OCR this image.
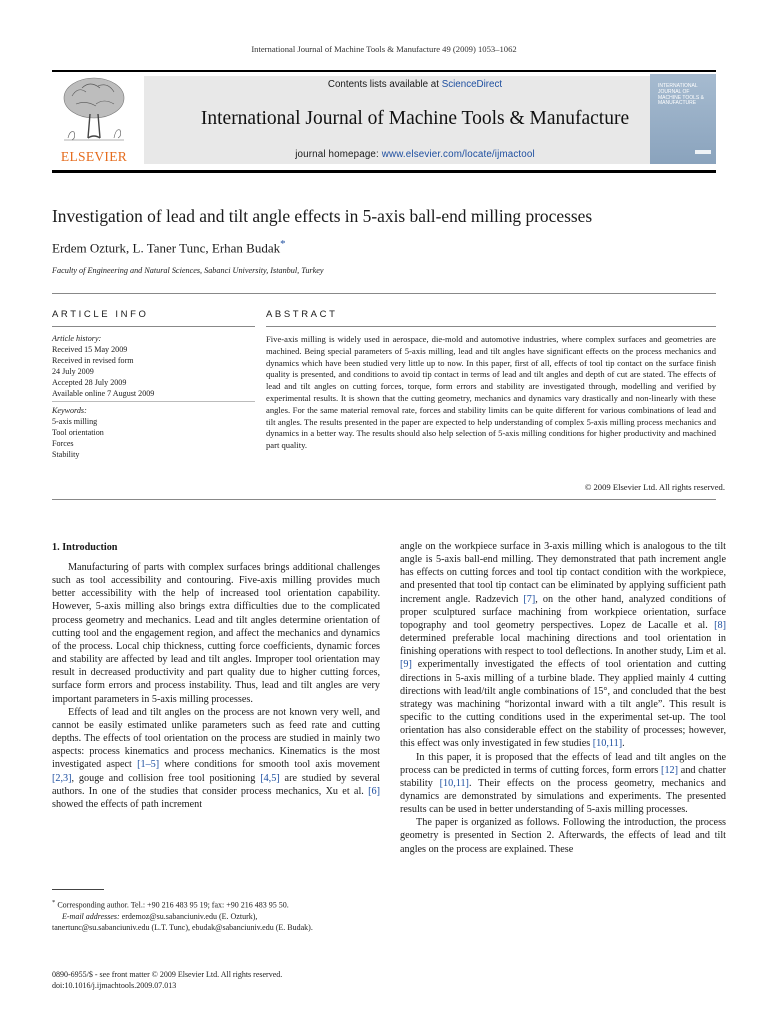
International Journal of Machine Tools & Manufacture 49 (2009) 1053–1062
ELSEVIER
Contents lists available at ScienceDirect
International Journal of Machine Tools & Manufacture
journal homepage: www.elsevier.com/locate/ijmactool
INTERNATIONAL JOURNAL OF MACHINE TOOLS & MANUFACTURE
Investigation of lead and tilt angle effects in 5-axis ball-end milling processes
Erdem Ozturk, L. Taner Tunc, Erhan Budak*
Faculty of Engineering and Natural Sciences, Sabanci University, Istanbul, Turkey
ARTICLE INFO	ABSTRACT
Article history:
Received 15 May 2009
Received in revised form
24 July 2009
Accepted 28 July 2009
Available online 7 August 2009
Keywords:
5-axis milling
Tool orientation
Forces
Stability
Five-axis milling is widely used in aerospace, die-mold and automotive industries, where complex surfaces and geometries are machined. Being special parameters of 5-axis milling, lead and tilt angles have significant effects on the process mechanics and dynamics which have been studied very little up to now. In this paper, first of all, effects of tool tip contact on the surface finish quality is presented, and conditions to avoid tip contact in terms of lead and tilt angles and depth of cut are stated. The effects of lead and tilt angles on cutting forces, torque, form errors and stability are investigated through, modelling and verified by experimental results. It is shown that the cutting geometry, mechanics and dynamics vary drastically and non-linearly with these angles. For the same material removal rate, forces and stability limits can be quite different for various combinations of lead and tilt angles. The results presented in the paper are expected to help understanding of complex 5-axis milling process mechanics and dynamics in a better way. The results should also help selection of 5-axis milling conditions for higher productivity and machined part quality.
© 2009 Elsevier Ltd. All rights reserved.
1. Introduction

Manufacturing of parts with complex surfaces brings additional challenges such as tool accessibility and contouring. Five-axis milling provides much better accessibility with the help of increased tool orientation capability. However, 5-axis milling also brings extra difficulties due to the complicated process geometry and mechanics. Lead and tilt angles determine orientation of cutting tool and the engagement region, and affect the mechanics and dynamics of the process. Local chip thickness, cutting force coefficients, dynamic forces and stability are affected by lead and tilt angles. Improper tool orientation may result in decreased productivity and part quality due to higher cutting forces, surface form errors and process instability. Thus, lead and tilt angles are very important parameters in 5-axis milling processes.

Effects of lead and tilt angles on the process are not known very well, and cannot be easily estimated unlike parameters such as feed rate and cutting depths. The effects of tool orientation on the process are studied in mainly two aspects: process kinematics and process mechanics. Kinematics is the most investigated aspect [1–5] where conditions for smooth tool axis movement [2,3], gouge and collision free tool positioning [4,5] are studied by several authors. In one of the studies that consider process mechanics, Xu et al. [6] showed the effects of path increment

angle on the workpiece surface in 3-axis milling which is analogous to the tilt angle is 5-axis ball-end milling. They demonstrated that path increment angle has effects on cutting forces and tool tip contact condition with the workpiece, and presented that tool tip contact can be eliminated by applying sufficient path increment angle. Radzevich [7], on the other hand, analyzed conditions of proper sculptured surface machining from workpiece orientation, surface topography and tool geometry perspectives. Lopez de Lacalle et al. [8] determined preferable local machining directions and tool orientation in finishing operations with respect to tool deflections. In another study, Lim et al. [9] experimentally investigated the effects of tool orientation and cutting directions in 5-axis milling of a turbine blade. They applied mainly 4 cutting directions with lead/tilt angle combinations of 15°, and concluded that the best strategy was machining “horizontal inward with a tilt angle”. This result is specific to the cutting conditions used in the experimental set-up. The tool orientation has also considerable effect on the stability of processes; however, this effect was only investigated in few studies [10,11].

In this paper, it is proposed that the effects of lead and tilt angles on the process can be predicted in terms of cutting forces, form errors [12] and chatter stability [10,11]. Their effects on the process geometry, mechanics and dynamics are demonstrated by simulations and experiments. The presented results can be used in better understanding of 5-axis milling processes.

The paper is organized as follows. Following the introduction, the process geometry is presented in Section 2. Afterwards, the effects of lead and tilt angles on the process are explained. These

* Corresponding author. Tel.: +90 216 483 95 19; fax: +90 216 483 95 50.
E-mail addresses: erdemoz@su.sabanciuniv.edu (E. Ozturk),
tanertunc@su.sabanciuniv.edu (L.T. Tunc), ebudak@sabanciuniv.edu (E. Budak).
0890-6955/$ - see front matter © 2009 Elsevier Ltd. All rights reserved.
doi:10.1016/j.ijmachtools.2009.07.013
